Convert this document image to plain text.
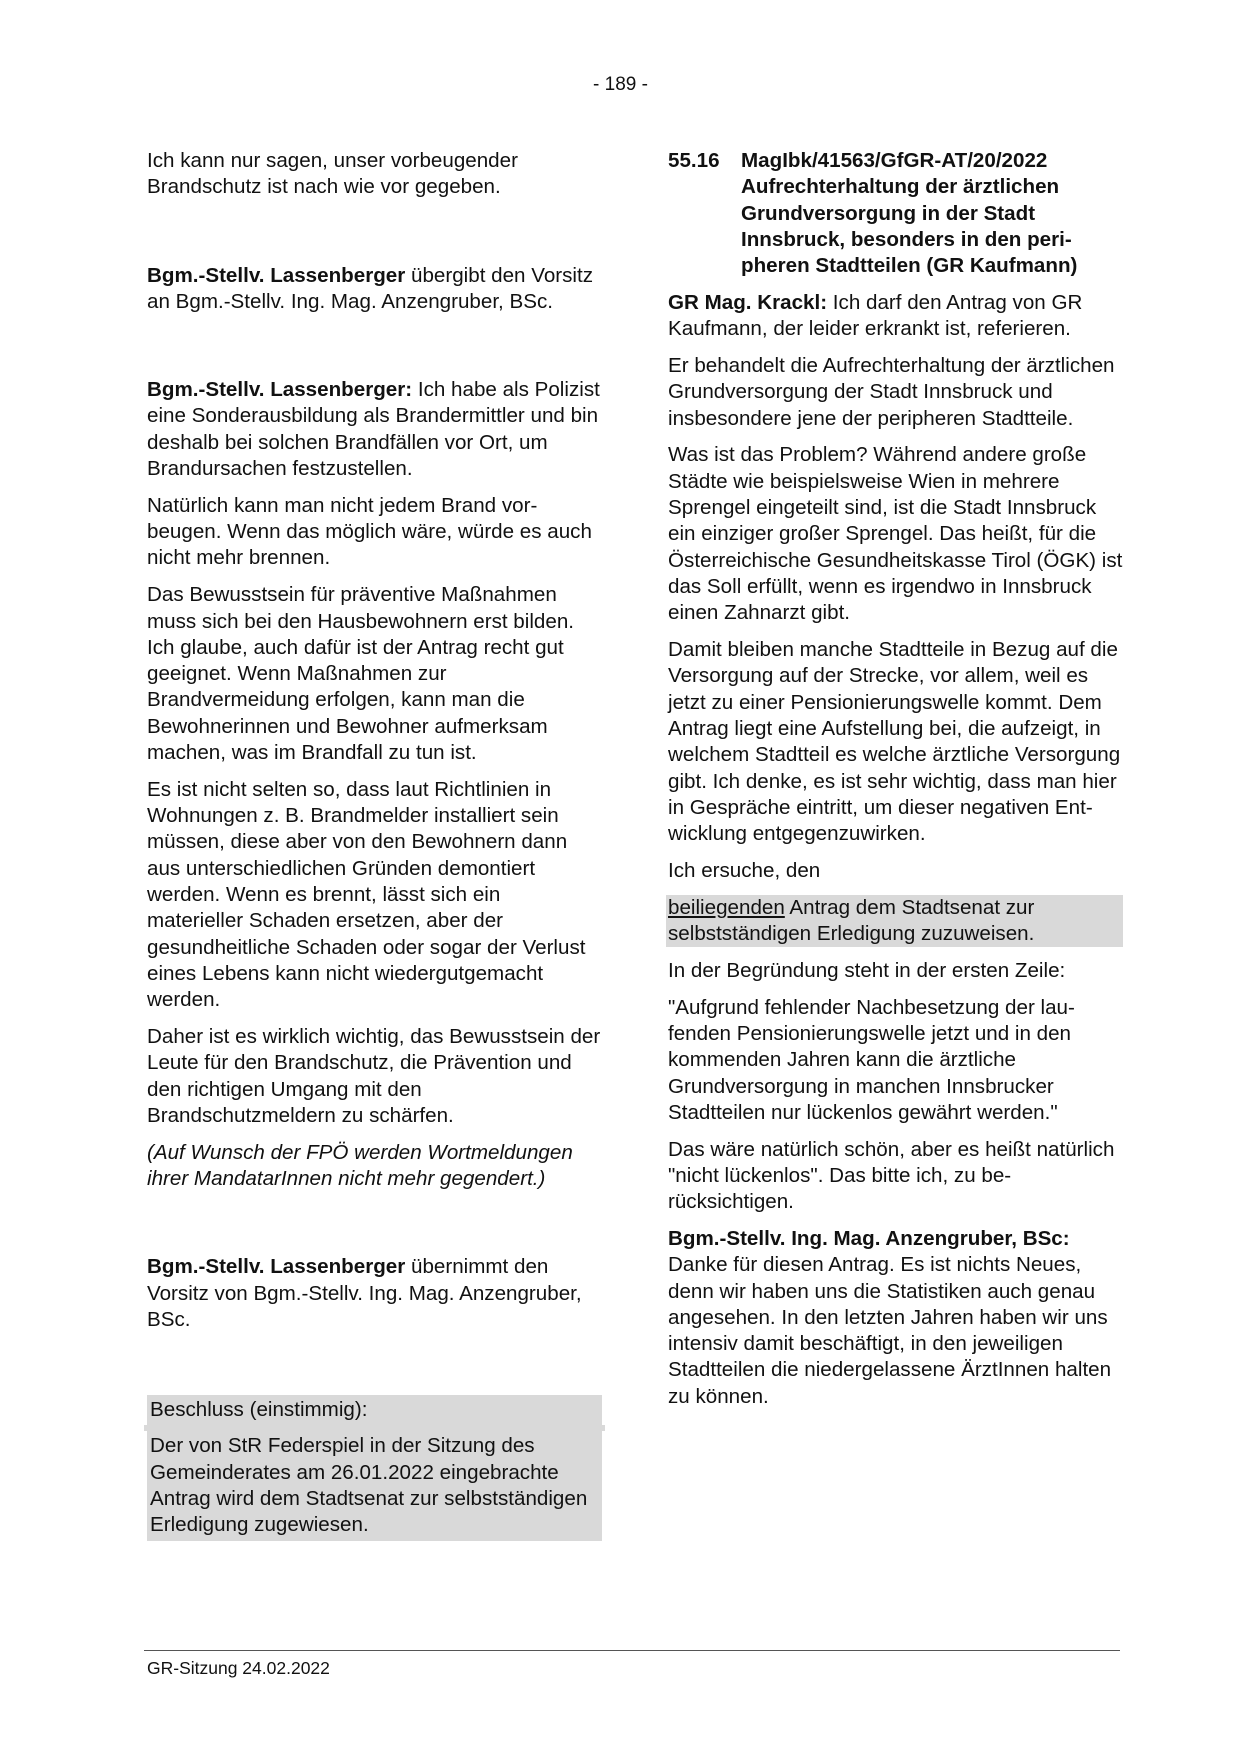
- 189 -

Ich kann nur sagen, unser vorbeugender Brandschutz ist nach wie vor gegeben.

Bgm.-Stellv. Lassenberger übergibt den Vorsitz an Bgm.-Stellv. Ing. Mag. Anzengruber, BSc.

Bgm.-Stellv. Lassenberger: Ich habe als Polizist eine Sonderausbildung als Brandermittler und bin deshalb bei solchen Brandfällen vor Ort, um Brandursachen festzustellen.

Natürlich kann man nicht jedem Brand vorbeugen. Wenn das möglich wäre, würde es auch nicht mehr brennen.

Das Bewusstsein für präventive Maßnahmen muss sich bei den Hausbewohnern erst bilden. Ich glaube, auch dafür ist der Antrag recht gut geeignet. Wenn Maßnahmen zur Brandvermeidung erfolgen, kann man die Bewohnerinnen und Bewohner aufmerksam machen, was im Brandfall zu tun ist.

Es ist nicht selten so, dass laut Richtlinien in Wohnungen z. B. Brandmelder installiert sein müssen, diese aber von den Bewohnern dann aus unterschiedlichen Gründen demontiert werden. Wenn es brennt, lässt sich ein materieller Schaden ersetzen, aber der gesundheitliche Schaden oder sogar der Verlust eines Lebens kann nicht wiedergutgemacht werden.

Daher ist es wirklich wichtig, das Bewusstsein der Leute für den Brandschutz, die Prävention und den richtigen Umgang mit den Brandschutzmeldern zu schärfen.

(Auf Wunsch der FPÖ werden Wortmeldungen ihrer MandatarInnen nicht mehr gegendert.)

Bgm.-Stellv. Lassenberger übernimmt den Vorsitz von Bgm.-Stellv. Ing. Mag. Anzengruber, BSc.

Beschluss (einstimmig):

Der von StR Federspiel in der Sitzung des Gemeinderates am 26.01.2022 eingebrachte Antrag wird dem Stadtsenat zur selbstständigen Erledigung zugewiesen.

55.16	MagIbk/41563/GfGR-AT/20/2022

Aufrechterhaltung der ärztlichen Grundversorgung in der Stadt Innsbruck, besonders in den peripheren Stadtteilen (GR Kaufmann)

GR Mag. Krackl: Ich darf den Antrag von GR Kaufmann, der leider erkrankt ist, referieren.

Er behandelt die Aufrechterhaltung der ärztlichen Grundversorgung der Stadt Innsbruck und insbesondere jene der peripheren Stadtteile.

Was ist das Problem? Während andere große Städte wie beispielsweise Wien in mehrere Sprengel eingeteilt sind, ist die Stadt Innsbruck ein einziger großer Sprengel. Das heißt, für die Österreichische Gesundheitskasse Tirol (ÖGK) ist das Soll erfüllt, wenn es irgendwo in Innsbruck einen Zahnarzt gibt.

Damit bleiben manche Stadtteile in Bezug auf die Versorgung auf der Strecke, vor allem, weil es jetzt zu einer Pensionierungswelle kommt. Dem Antrag liegt eine Aufstellung bei, die aufzeigt, in welchem Stadtteil es welche ärztliche Versorgung gibt. Ich denke, es ist sehr wichtig, dass man hier in Gespräche eintritt, um dieser negativen Entwicklung entgegenzuwirken.

Ich ersuche, den

beiliegenden Antrag dem Stadtsenat zur selbstständigen Erledigung zuzuweisen.

In der Begründung steht in der ersten Zeile:

"Aufgrund fehlender Nachbesetzung der laufenden Pensionierungswelle jetzt und in den kommenden Jahren kann die ärztliche Grundversorgung in manchen Innsbrucker Stadtteilen nur lückenlos gewährt werden."

Das wäre natürlich schön, aber es heißt natürlich "nicht lückenlos". Das bitte ich, zu berücksichtigen.

Bgm.-Stellv. Ing. Mag. Anzengruber, BSc: Danke für diesen Antrag. Es ist nichts Neues, denn wir haben uns die Statistiken auch genau angesehen. In den letzten Jahren haben wir uns intensiv damit beschäftigt, in den jeweiligen Stadtteilen die niedergelassene ÄrztInnen halten zu können.

GR-Sitzung 24.02.2022
